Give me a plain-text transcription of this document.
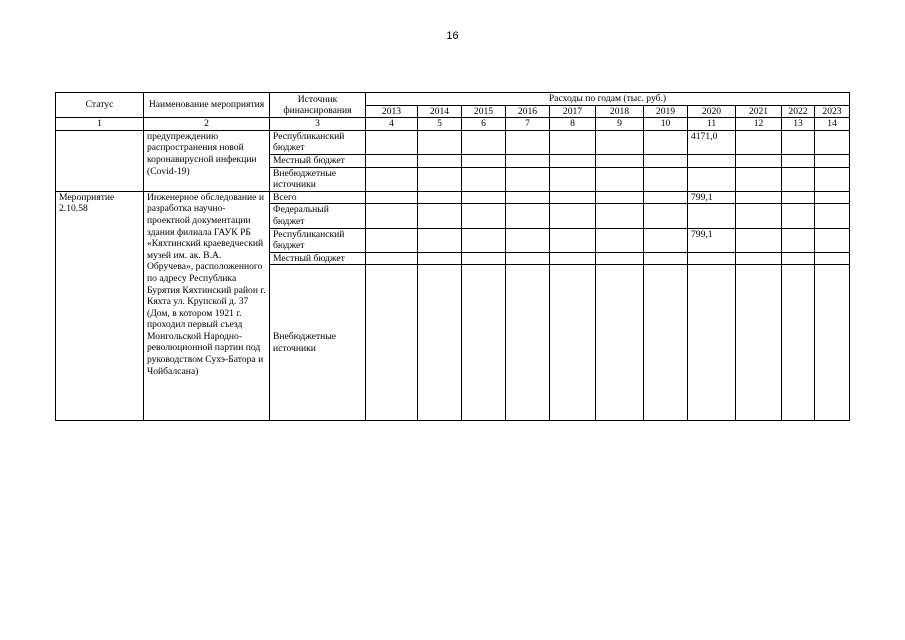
16
Статус	Наименование мероприятия	Источник финансирования	Расходы по годам (тыс. руб.)										
			2013	2014	2015	2016	2017	2018	2019	2020	2021	2022	2023
1	2	3	4	5	6	7	8	9	10	11	12	13	14
	предупреждению распространения новой коронавирусной инфекции (Covid-19)	Республиканский бюджет								4171,0			
		Местный бюджет											
		Внебюджетные источники											
Мероприятие 2.10.58	Инженерное обследование и разработка научно-проектной документации здания филиала ГАУК РБ «Кяхтинский краеведческий музей им. ак. В.А. Обручева», расположенного по адресу Республика Бурятия Кяхтинский район г. Кяхта ул. Крупской д. 37 (Дом, в котором 1921 г. проходил первый съезд Монгольской Народно-революционной партии под руководством Сухэ-Батора и Чойбалсана)	Всего								799,1			
		Федеральный бюджет											
		Республиканский бюджет								799,1			
		Местный бюджет											
		Внебюджетные источники											
